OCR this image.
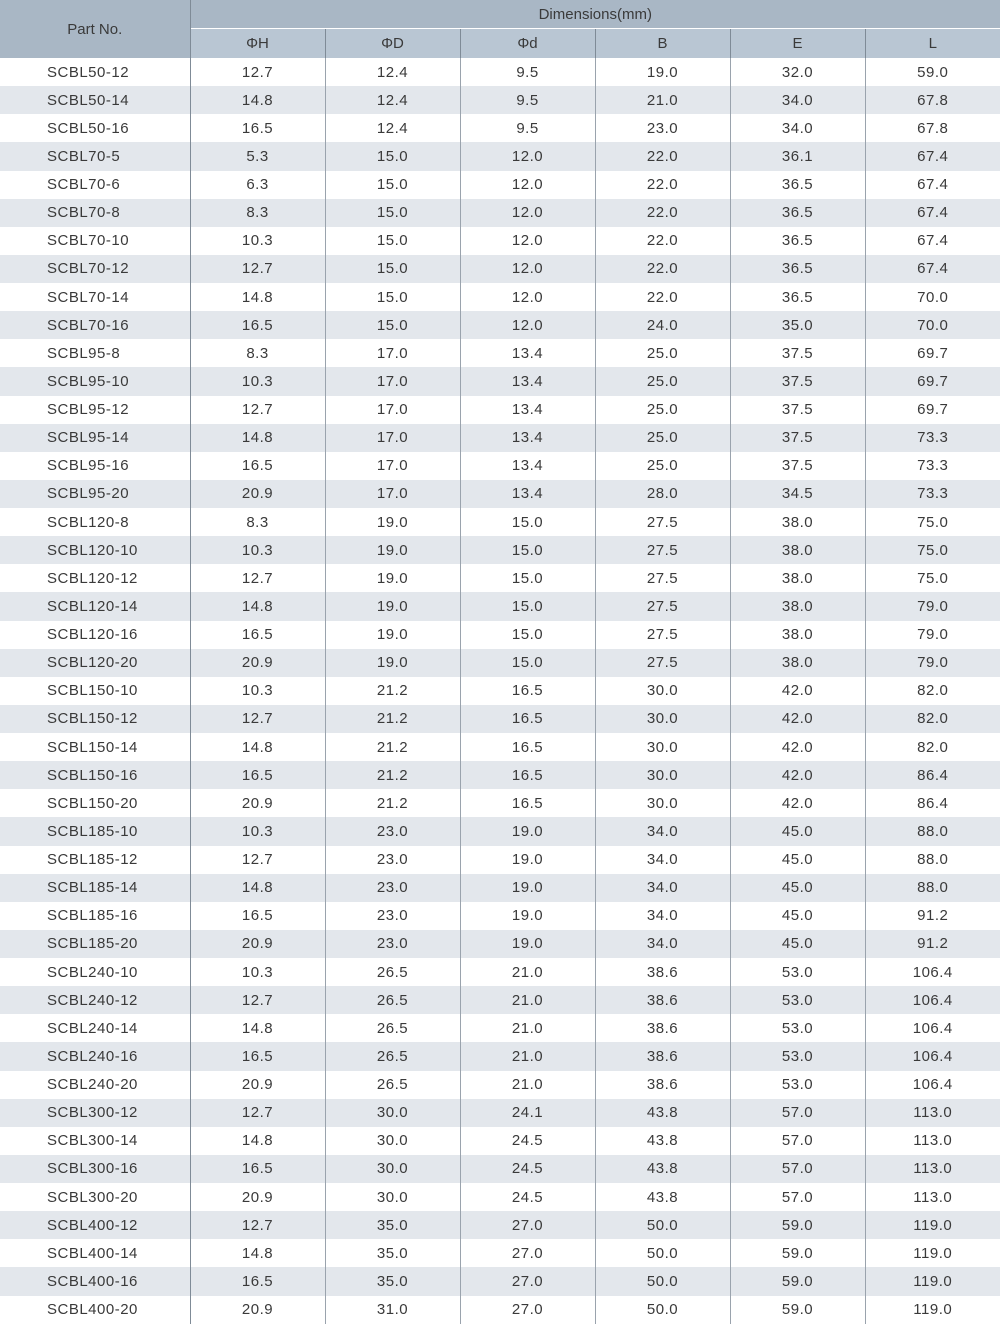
Part No.	Dimensions(mm)					
	ΦH	ΦD	Φd	B	E	L
SCBL50-12	12.7	12.4	9.5	19.0	32.0	59.0
SCBL50-14	14.8	12.4	9.5	21.0	34.0	67.8
SCBL50-16	16.5	12.4	9.5	23.0	34.0	67.8
SCBL70-5	5.3	15.0	12.0	22.0	36.1	67.4
SCBL70-6	6.3	15.0	12.0	22.0	36.5	67.4
SCBL70-8	8.3	15.0	12.0	22.0	36.5	67.4
SCBL70-10	10.3	15.0	12.0	22.0	36.5	67.4
SCBL70-12	12.7	15.0	12.0	22.0	36.5	67.4
SCBL70-14	14.8	15.0	12.0	22.0	36.5	70.0
SCBL70-16	16.5	15.0	12.0	24.0	35.0	70.0
SCBL95-8	8.3	17.0	13.4	25.0	37.5	69.7
SCBL95-10	10.3	17.0	13.4	25.0	37.5	69.7
SCBL95-12	12.7	17.0	13.4	25.0	37.5	69.7
SCBL95-14	14.8	17.0	13.4	25.0	37.5	73.3
SCBL95-16	16.5	17.0	13.4	25.0	37.5	73.3
SCBL95-20	20.9	17.0	13.4	28.0	34.5	73.3
SCBL120-8	8.3	19.0	15.0	27.5	38.0	75.0
SCBL120-10	10.3	19.0	15.0	27.5	38.0	75.0
SCBL120-12	12.7	19.0	15.0	27.5	38.0	75.0
SCBL120-14	14.8	19.0	15.0	27.5	38.0	79.0
SCBL120-16	16.5	19.0	15.0	27.5	38.0	79.0
SCBL120-20	20.9	19.0	15.0	27.5	38.0	79.0
SCBL150-10	10.3	21.2	16.5	30.0	42.0	82.0
SCBL150-12	12.7	21.2	16.5	30.0	42.0	82.0
SCBL150-14	14.8	21.2	16.5	30.0	42.0	82.0
SCBL150-16	16.5	21.2	16.5	30.0	42.0	86.4
SCBL150-20	20.9	21.2	16.5	30.0	42.0	86.4
SCBL185-10	10.3	23.0	19.0	34.0	45.0	88.0
SCBL185-12	12.7	23.0	19.0	34.0	45.0	88.0
SCBL185-14	14.8	23.0	19.0	34.0	45.0	88.0
SCBL185-16	16.5	23.0	19.0	34.0	45.0	91.2
SCBL185-20	20.9	23.0	19.0	34.0	45.0	91.2
SCBL240-10	10.3	26.5	21.0	38.6	53.0	106.4
SCBL240-12	12.7	26.5	21.0	38.6	53.0	106.4
SCBL240-14	14.8	26.5	21.0	38.6	53.0	106.4
SCBL240-16	16.5	26.5	21.0	38.6	53.0	106.4
SCBL240-20	20.9	26.5	21.0	38.6	53.0	106.4
SCBL300-12	12.7	30.0	24.1	43.8	57.0	113.0
SCBL300-14	14.8	30.0	24.5	43.8	57.0	113.0
SCBL300-16	16.5	30.0	24.5	43.8	57.0	113.0
SCBL300-20	20.9	30.0	24.5	43.8	57.0	113.0
SCBL400-12	12.7	35.0	27.0	50.0	59.0	119.0
SCBL400-14	14.8	35.0	27.0	50.0	59.0	119.0
SCBL400-16	16.5	35.0	27.0	50.0	59.0	119.0
SCBL400-20	20.9	31.0	27.0	50.0	59.0	119.0
